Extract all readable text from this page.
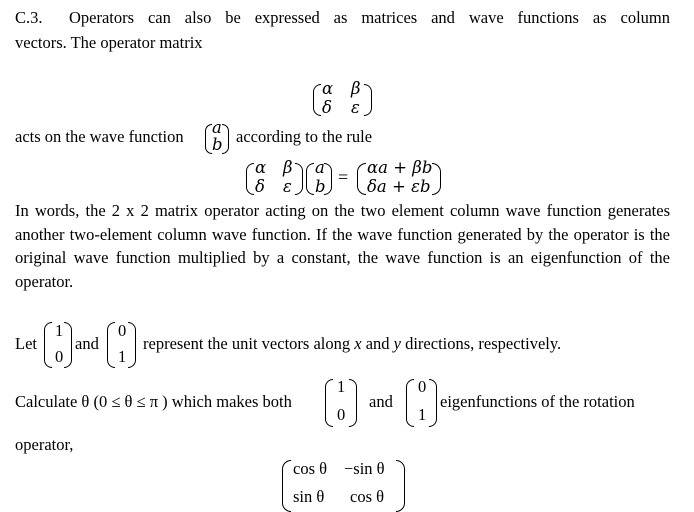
C.3. Operators can also be expressed as matrices and wave functions as column
vectors. The operator matrix
α β
δ ε
acts on the wave function a
b according to the rule
α β
δ ε
a
b = αa + βb
δa + εb
In words, the 2 x 2 matrix operator acting on the two element column wave function generates another two-element column wave function. If the wave function generated by the operator is the original wave function multiplied by a constant, the wave function is an eigenfunction of the operator.
Let
1
0
and
0
1
represent the unit vectors along x and y directions, respectively.
Calculate θ (0 ≤ θ ≤ π ) which makes both
1
0
and
0
1
eigenfunctions of the rotation
operator,
cos θ −sin θ
sin θ cos θ
